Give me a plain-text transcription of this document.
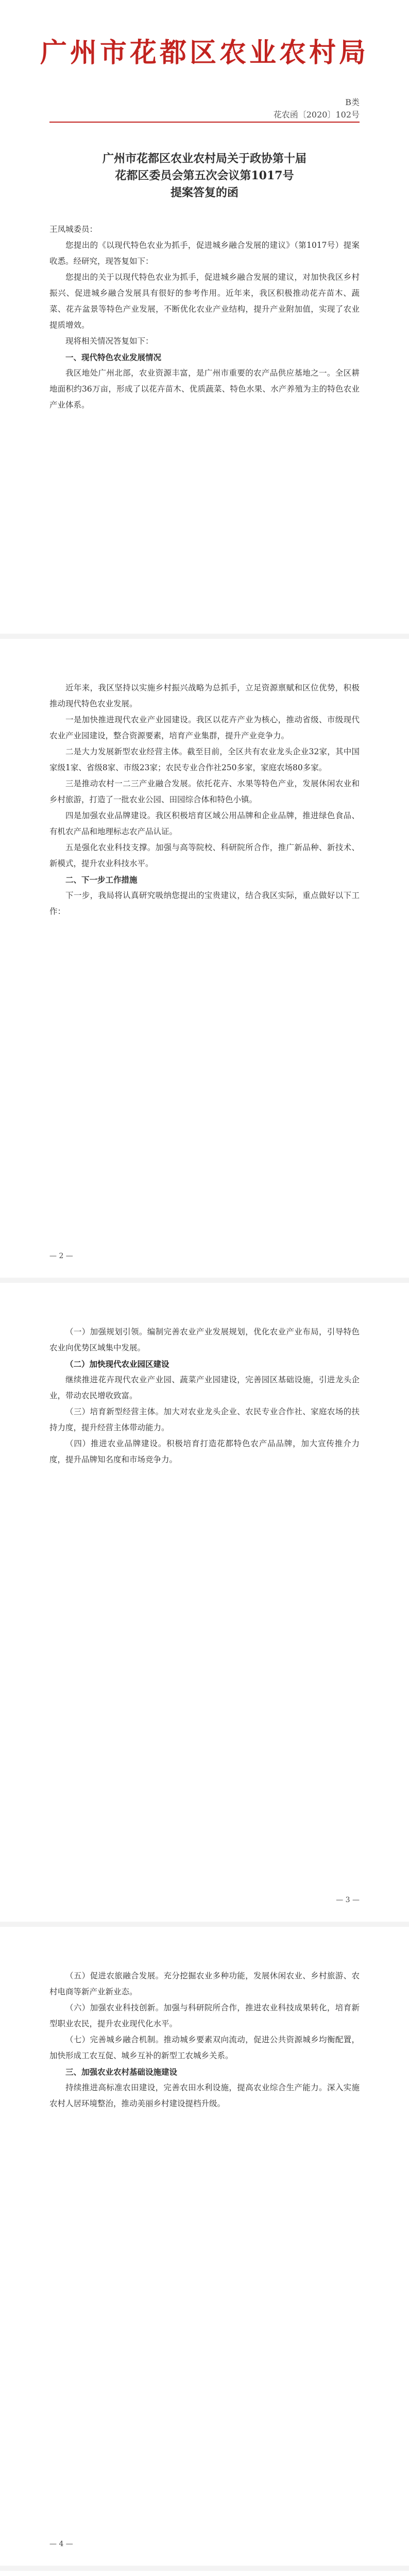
广州市花都区农业农村局
B类
花农函〔2020〕102号
广州市花都区农业农村局关于政协第十届
花都区委员会第五次会议第1017号
提案答复的函

王凤城委员：

您提出的《以现代特色农业为抓手，促进城乡融合发展的建议》（第1017号）提案收悉。经研究，现答复如下：

您提出的关于以现代特色农业为抓手，促进城乡融合发展的建议，对加快我区乡村振兴、促进城乡融合发展具有很好的参考作用。近年来，我区积极推动花卉苗木、蔬菜、花卉盆景等特色产业发展，不断优化农业产业结构，提升产业附加值，实现了农业提质增效。

现将相关情况答复如下：

一、现代特色农业发展情况

我区地处广州北部，农业资源丰富，是广州市重要的农产品供应基地之一。全区耕地面积约36万亩，形成了以花卉苗木、优质蔬菜、特色水果、水产养殖为主的特色农业产业体系。

近年来，我区坚持以实施乡村振兴战略为总抓手，立足资源禀赋和区位优势，积极推动现代特色农业发展。

一是加快推进现代农业产业园建设。我区以花卉产业为核心，推动省级、市级现代农业产业园建设，整合资源要素，培育产业集群，提升产业竞争力。

二是大力发展新型农业经营主体。截至目前，全区共有农业龙头企业32家，其中国家级1家、省级8家、市级23家；农民专业合作社250多家，家庭农场80多家。

三是推动农村一二三产业融合发展。依托花卉、水果等特色产业，发展休闲农业和乡村旅游，打造了一批农业公园、田园综合体和特色小镇。

四是加强农业品牌建设。我区积极培育区域公用品牌和企业品牌，推进绿色食品、有机农产品和地理标志农产品认证。

五是强化农业科技支撑。加强与高等院校、科研院所合作，推广新品种、新技术、新模式，提升农业科技水平。

二、下一步工作措施

下一步，我局将认真研究吸纳您提出的宝贵建议，结合我区实际，重点做好以下工作：

— 2 —

（一）加强规划引领。编制完善农业产业发展规划，优化农业产业布局，引导特色农业向优势区域集中发展。

（二）加快现代农业园区建设

继续推进花卉现代农业产业园、蔬菜产业园建设，完善园区基础设施，引进龙头企业，带动农民增收致富。

（三）培育新型经营主体。加大对农业龙头企业、农民专业合作社、家庭农场的扶持力度，提升经营主体带动能力。

（四）推进农业品牌建设。积极培育打造花都特色农产品品牌，加大宣传推介力度，提升品牌知名度和市场竞争力。

— 3 —

（五）促进农旅融合发展。充分挖掘农业多种功能，发展休闲农业、乡村旅游、农村电商等新产业新业态。

（六）加强农业科技创新。加强与科研院所合作，推进农业科技成果转化，培育新型职业农民，提升农业现代化水平。

（七）完善城乡融合机制。推动城乡要素双向流动，促进公共资源城乡均衡配置，加快形成工农互促、城乡互补的新型工农城乡关系。

三、加强农业农村基础设施建设

持续推进高标准农田建设，完善农田水利设施，提高农业综合生产能力。深入实施农村人居环境整治，推动美丽乡村建设提档升级。

— 4 —
